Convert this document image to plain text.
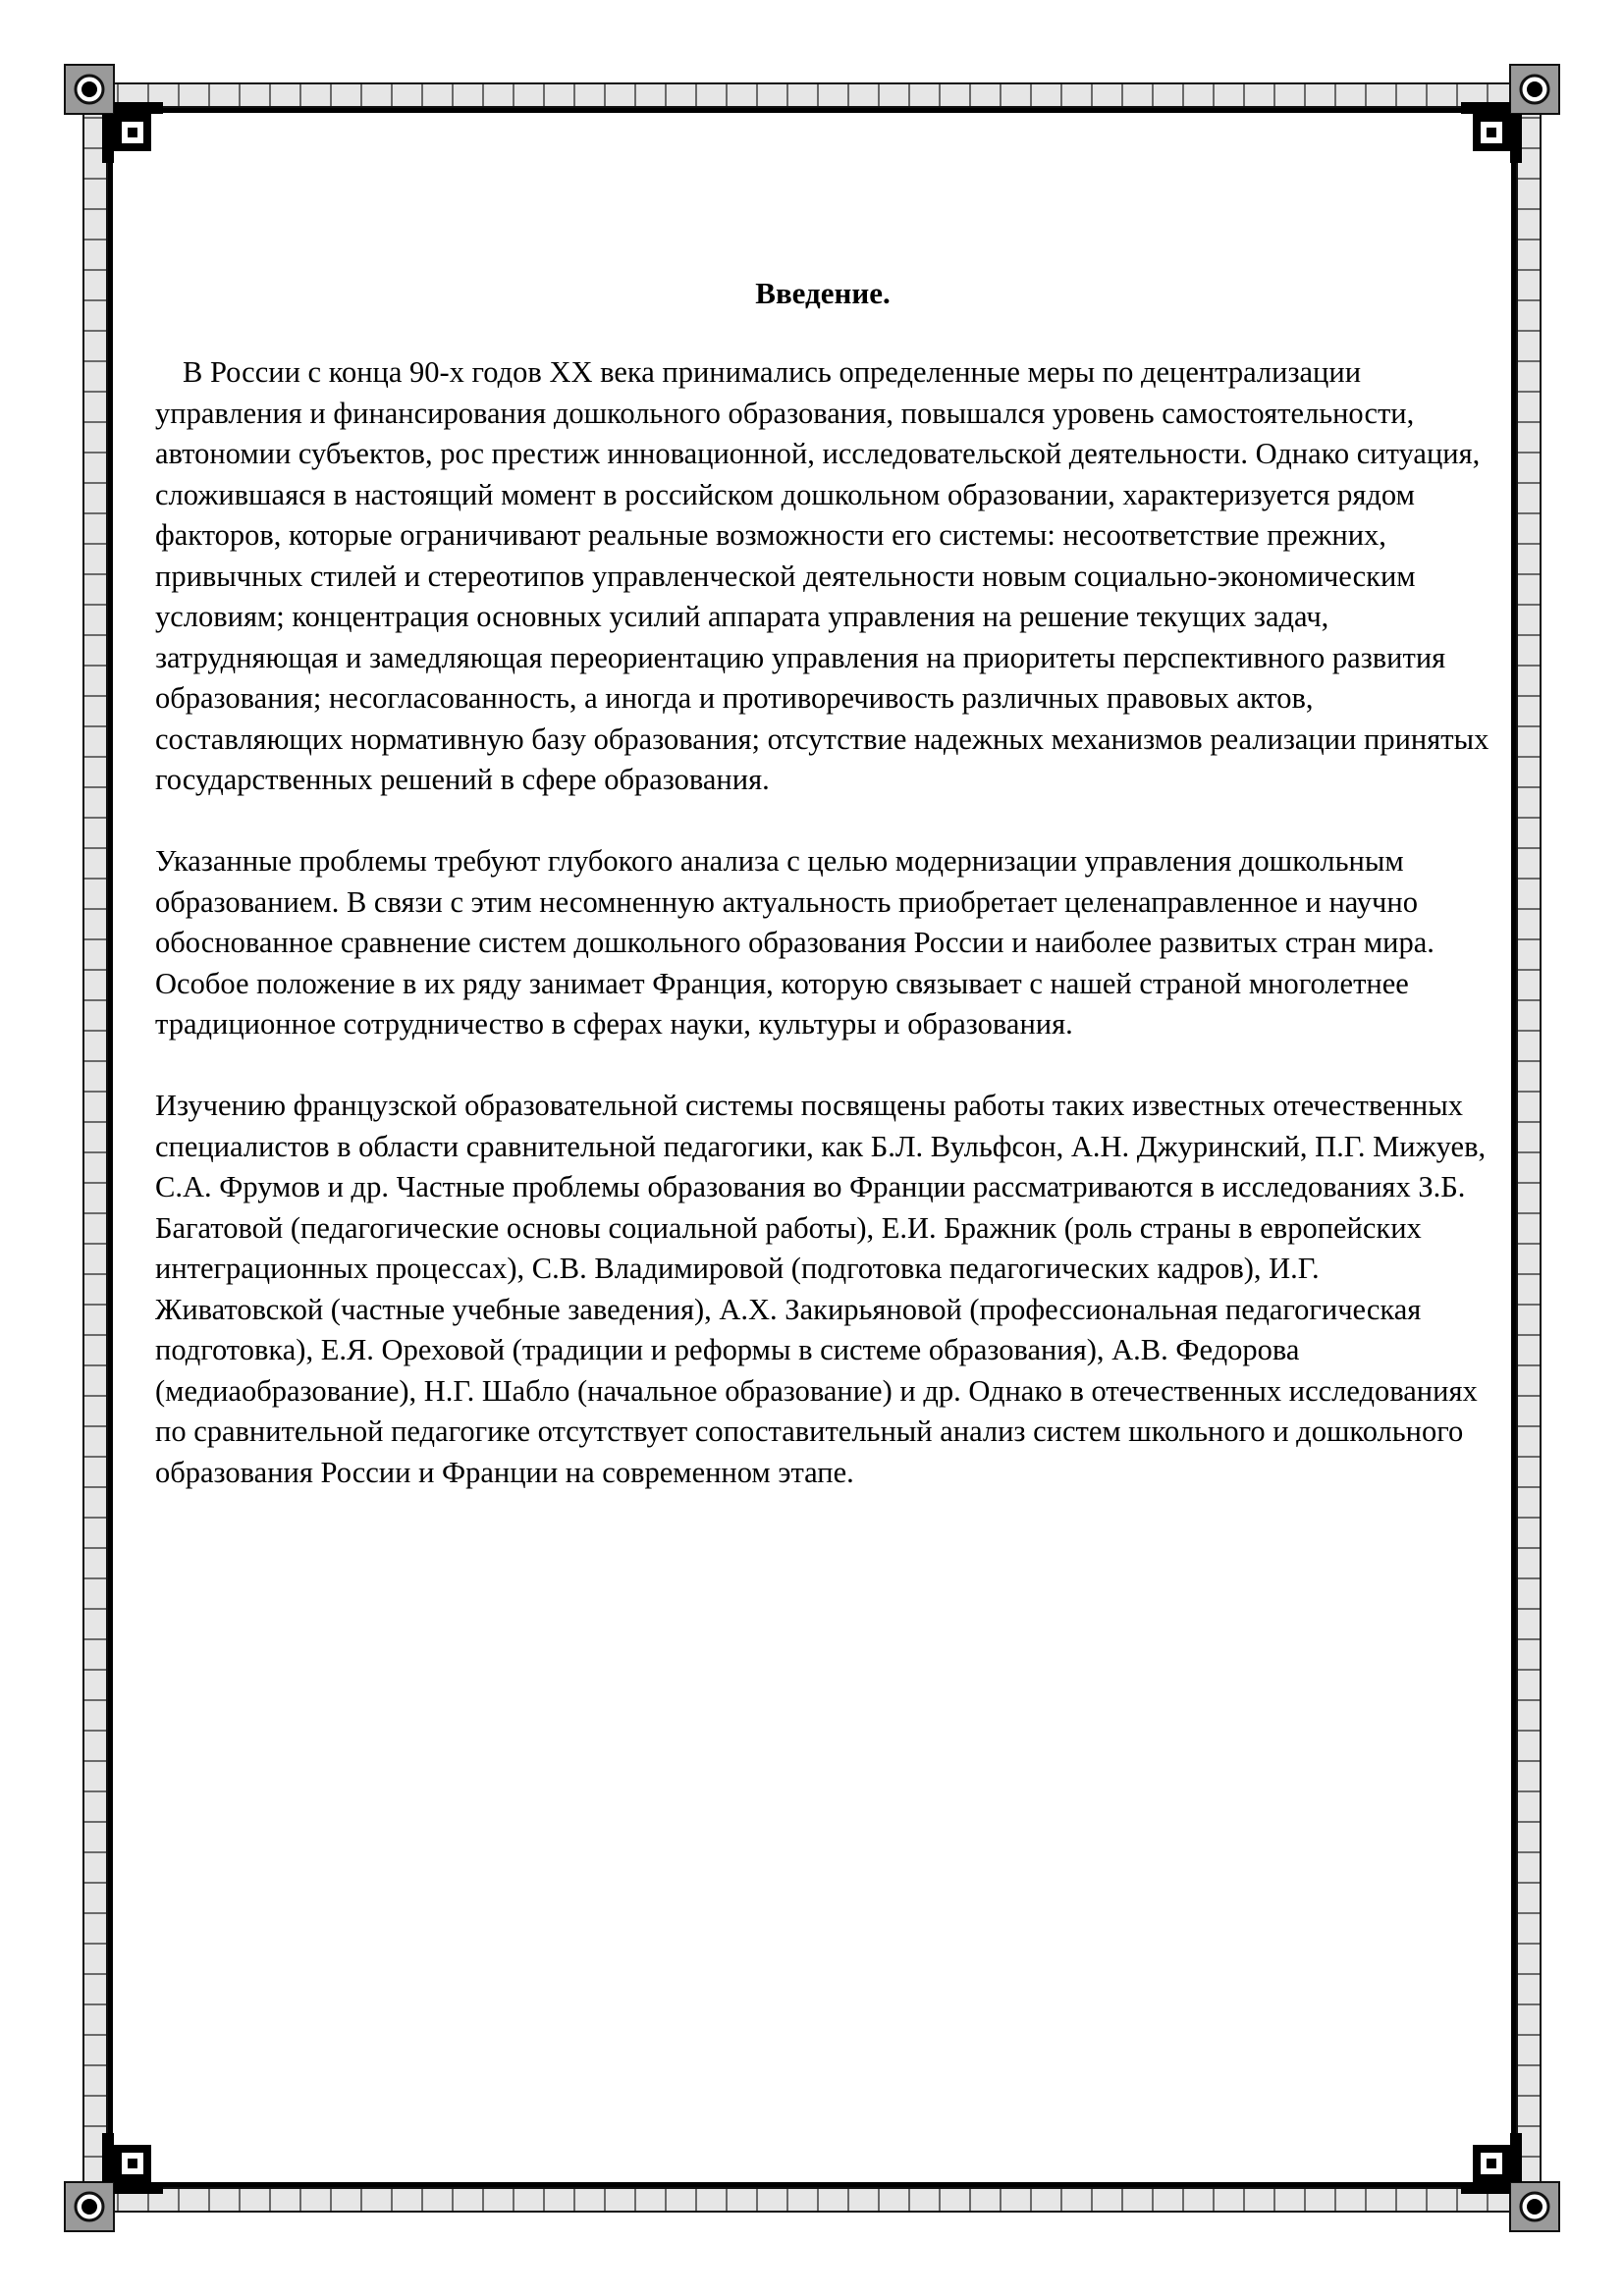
Введение.

В России с конца 90-х годов XX века принимались определенные меры по децентрализации управления и финансирования дошкольного образования, повышался уровень самостоятельности, автономии субъектов, рос престиж инновационной, исследовательской деятельности. Однако ситуация, сложившаяся в настоящий момент в российском дошкольном образовании, характеризуется рядом факторов, которые ограничивают реальные возможности его системы: несоответствие прежних, привычных стилей и стереотипов управленческой деятельности новым социально-экономическим условиям; концентрация основных усилий аппарата управления на решение текущих задач, затрудняющая и замедляющая переориентацию управления на приоритеты перспективного развития образования; несогласованность, а иногда и противоречивость различных правовых актов, составляющих нормативную базу образования; отсутствие надежных механизмов реализации принятых государственных решений в сфере образования.

Указанные проблемы требуют глубокого анализа с целью модернизации управления дошкольным образованием. В связи с этим несомненную актуальность приобретает целенаправленное и научно обоснованное сравнение систем дошкольного образования России и наиболее развитых стран мира. Особое положение в их ряду занимает Франция, которую связывает с нашей страной многолетнее традиционное сотрудничество в сферах науки, культуры и образования.

Изучению французской образовательной системы посвящены работы таких известных отечественных специалистов в области сравнительной педагогики, как Б.Л. Вульфсон, А.Н. Джуринский, П.Г. Мижуев, С.А. Фрумов и др. Частные проблемы образования во Франции рассматриваются в исследованиях З.Б. Багатовой (педагогические основы социальной работы), Е.И. Бражник (роль страны в европейских интеграционных процессах), С.В. Владимировой (подготовка педагогических кадров), И.Г. Живатовской (частные учебные заведения), А.Х. Закирьяновой (профессиональная педагогическая подготовка), Е.Я. Ореховой (традиции и реформы в системе образования), А.В. Федорова (медиаобразование), Н.Г. Шабло (начальное образование) и др. Однако в отечественных исследованиях по сравнительной педагогике отсутствует сопоставительный анализ систем школьного и дошкольного образования России и Франции на современном этапе.
